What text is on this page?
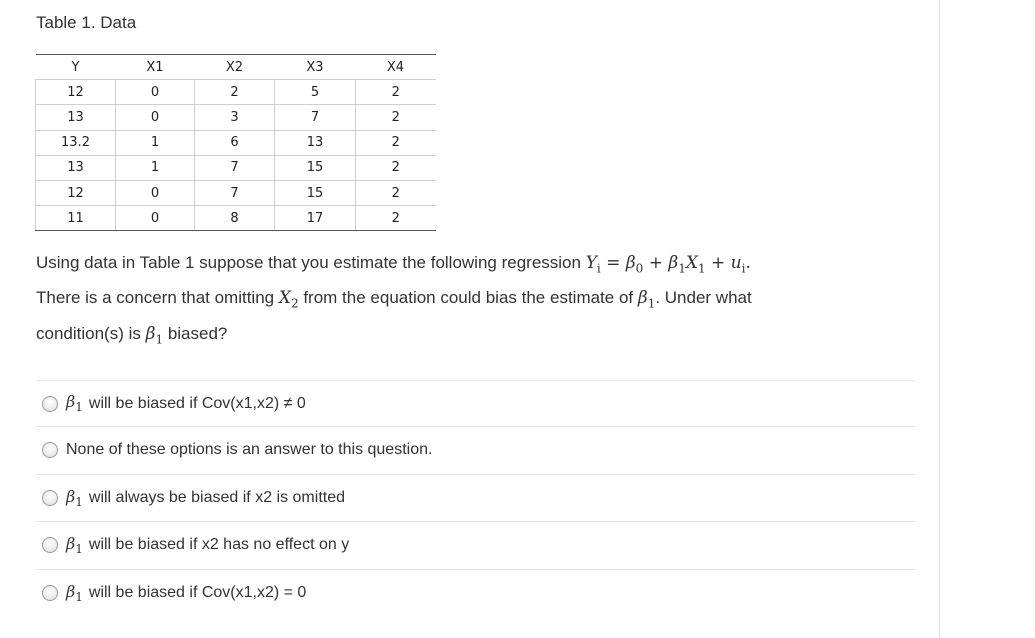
Table 1. Data
Y	X1	X2	X3	X4
12	0	2	5	2
13	0	3	7	2
13.2	1	6	13	2
13	1	7	15	2
12	0	7	15	2
11	0	8	17	2
Using data in Table 1 suppose that you estimate the following regression $Y_i = \beta_0 + \beta_1X_1 + u_i$.
There is a concern that omitting $X_2$ from the equation could bias the estimate of $\beta_1$. Under what
condition(s) is $\beta_1$ biased?
$\beta_1$ will be biased if Cov(x1,x2) ≠ 0
None of these options is an answer to this question.
$\beta_1$ will always be biased if x2 is omitted
$\beta_1$ will be biased if x2 has no effect on y
$\beta_1$ will be biased if Cov(x1,x2) = 0
